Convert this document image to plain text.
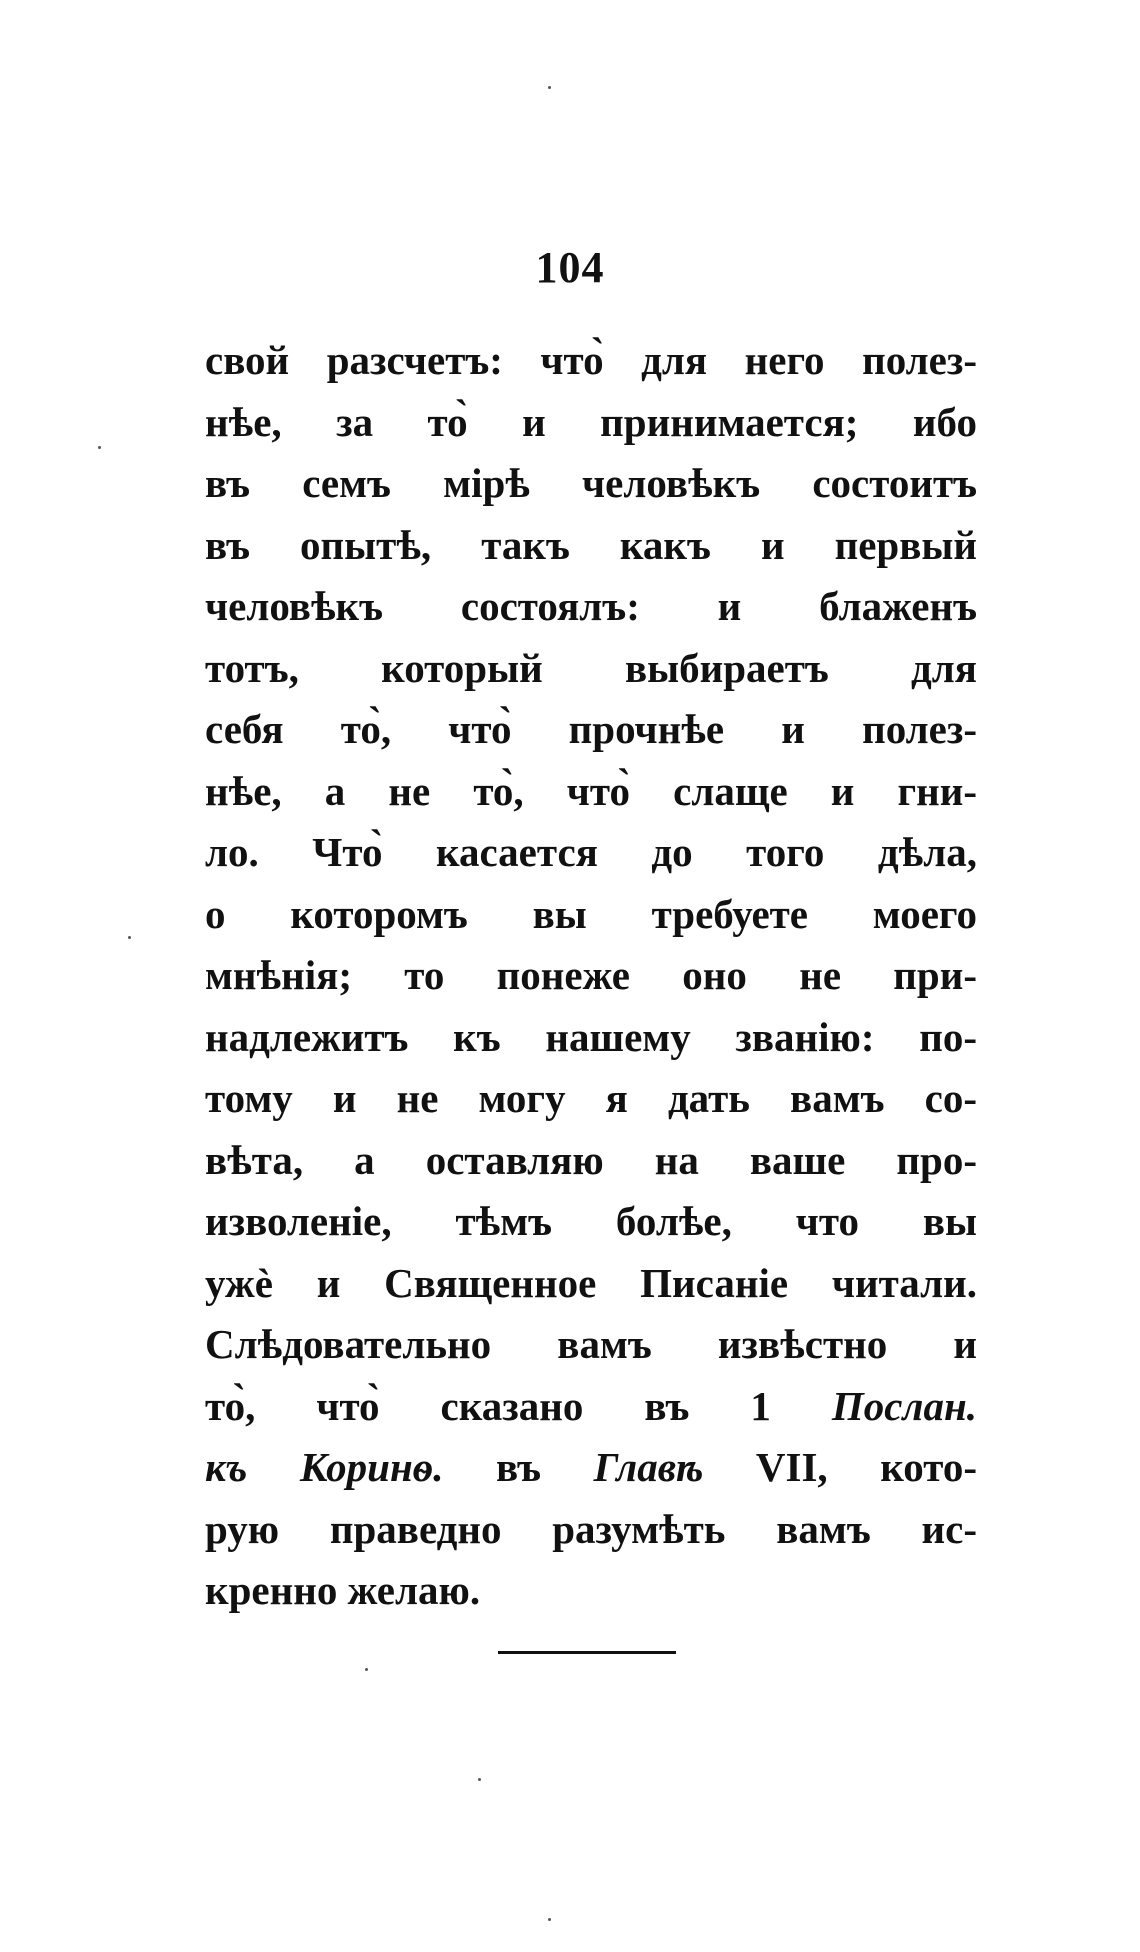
104
свой разсчетъ: что̀ для него полез-
нѣе, за то̀ и принимается; ибо
въ семъ мірѣ человѣкъ состоитъ
въ опытѣ, такъ какъ и первый
человѣкъ состоялъ: и блаженъ
тотъ, который выбираетъ для
себя то̀, что̀ прочнѣе и полез-
нѣе, а не то̀, что̀ слаще и гни-
ло. Что̀ касается до того дѣла,
о которомъ вы требуете моего
мнѣнія; то понеже оно не при-
надлежитъ къ нашему званію: по-
тому и не могу я дать вамъ со-
вѣта, а оставляю на ваше про-
изволеніе, тѣмъ болѣе, что вы
ужè и Священное Писаніе читали.
Слѣдовательно вамъ извѣстно и
то̀, что̀ сказано въ 1 Послан.
къ Коринѳ. въ Главѣ VII, кото-
рую праведно разумѣть вамъ ис-
кренно желаю.
